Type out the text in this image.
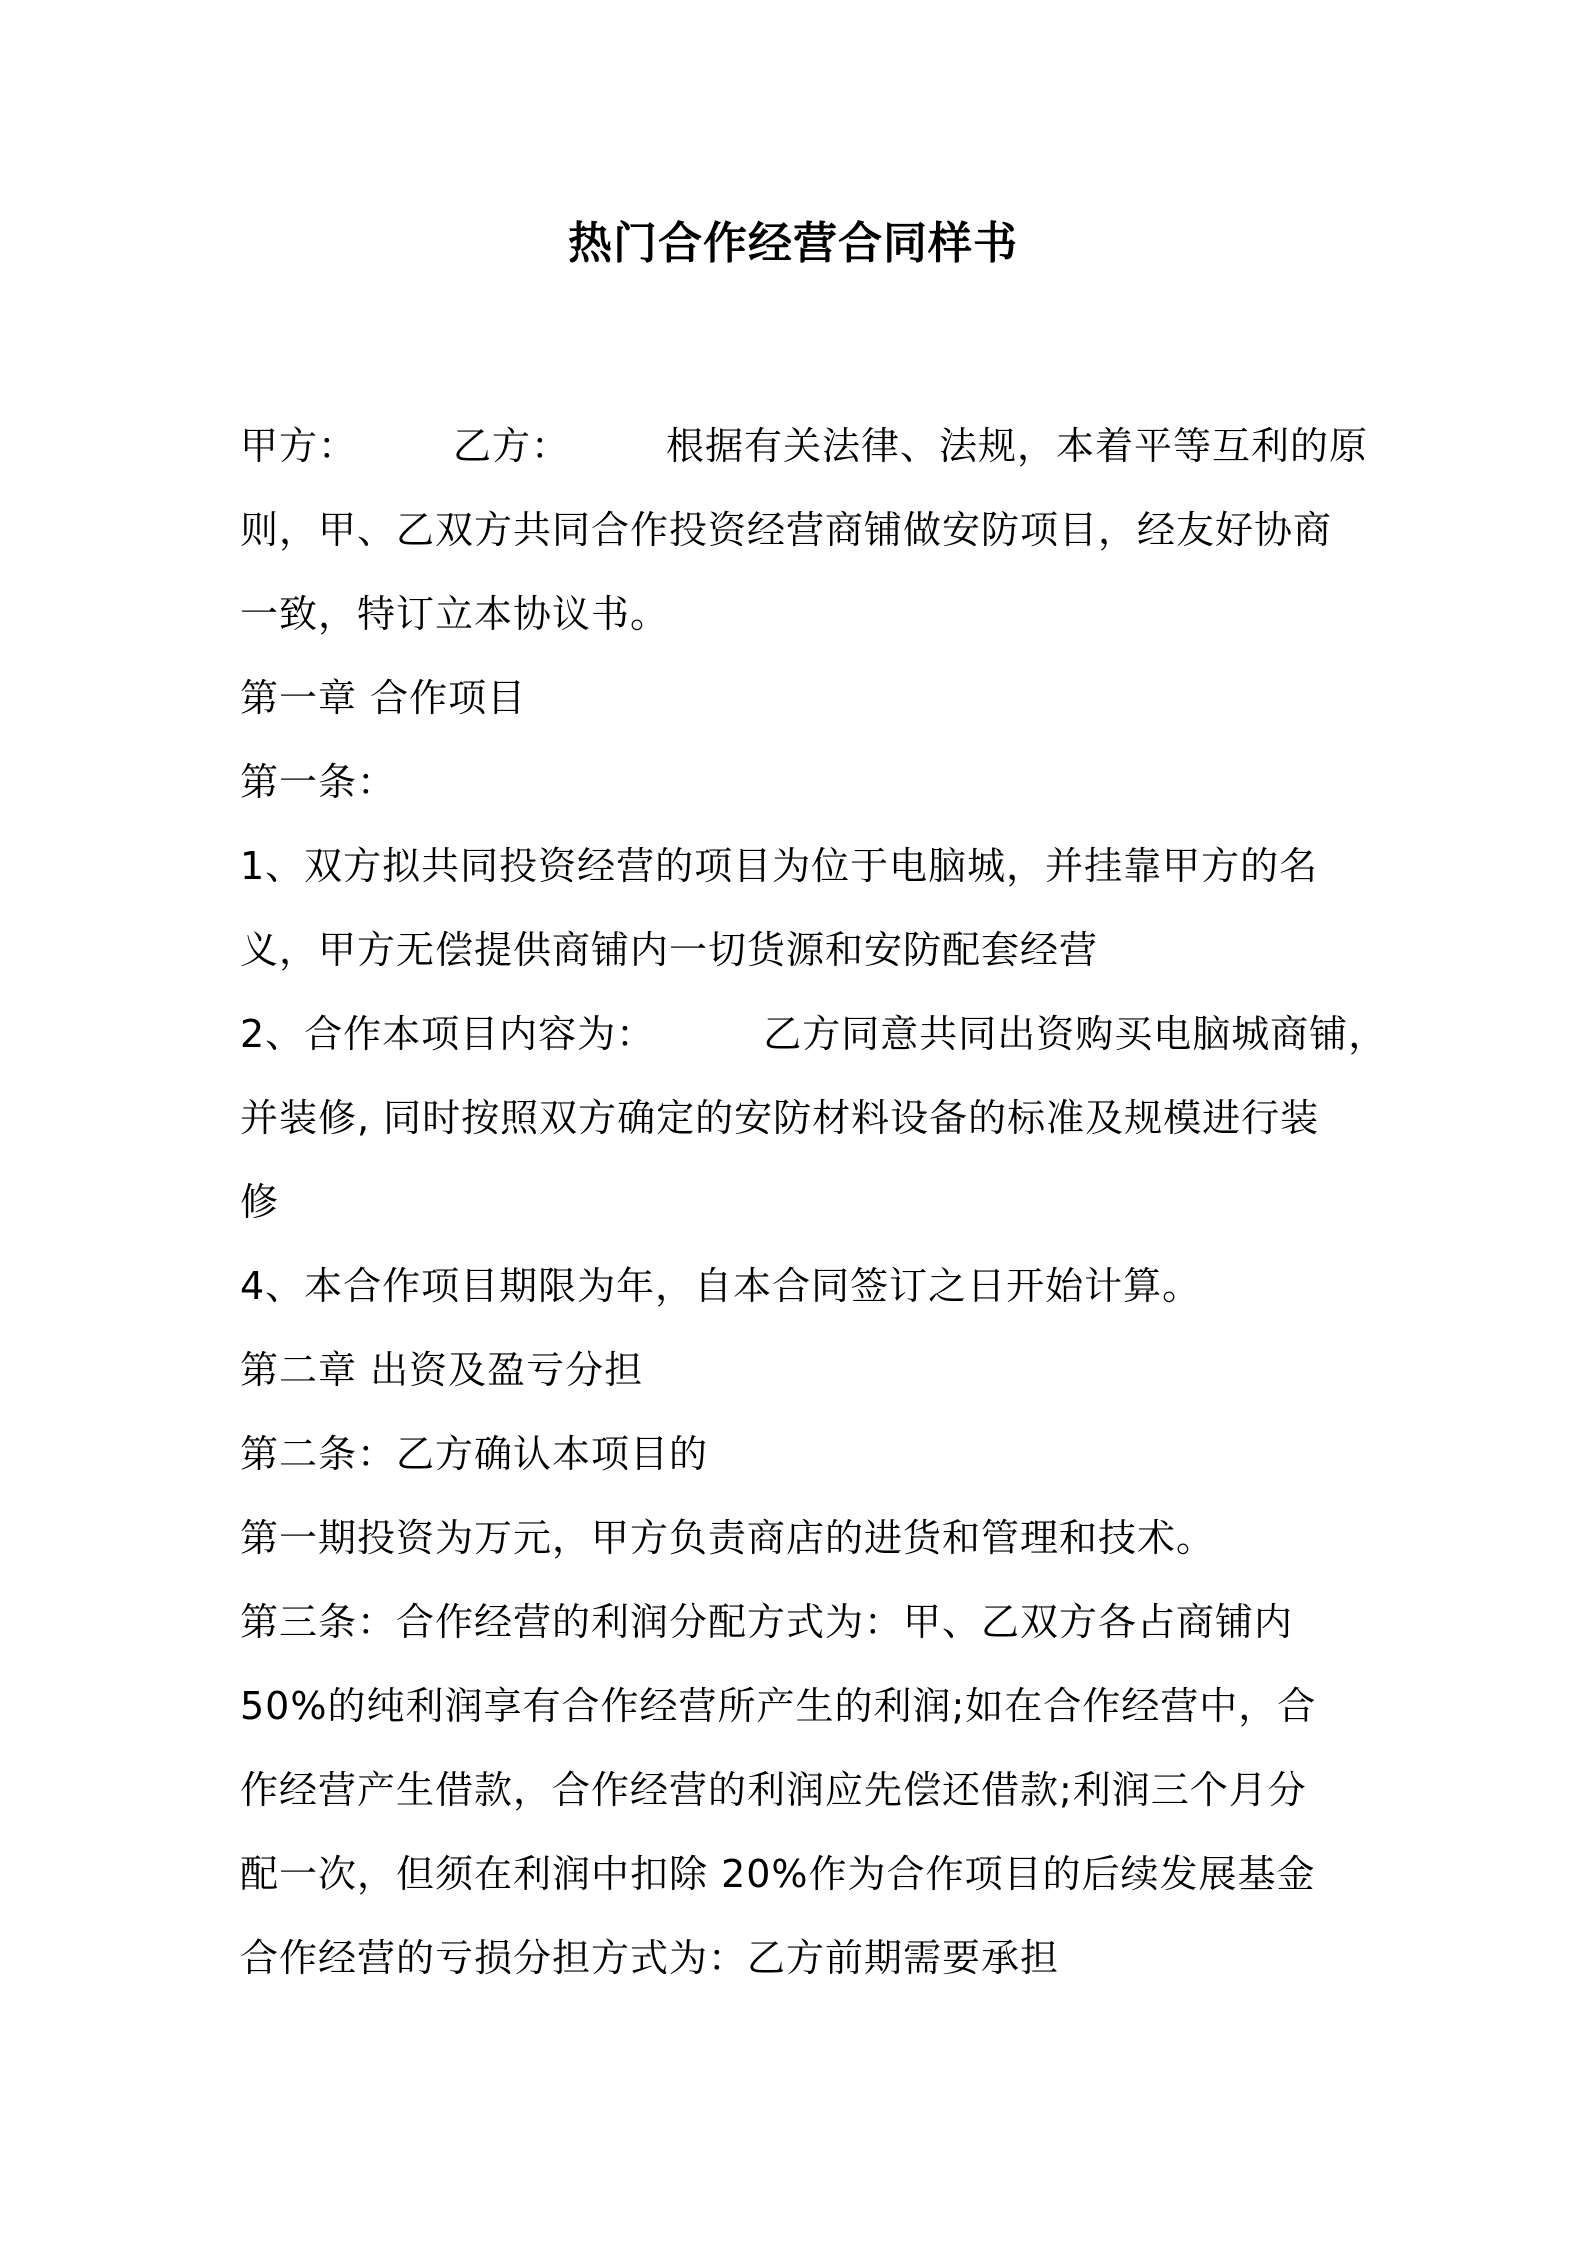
热门合作经营合同样书

甲方：	乙方：	根据有关法律、法规，本着平等互利的原

则，甲、乙双方共同合作投资经营商铺做安防项目，经友好协商

一致，特订立本协议书。

第一章 合作项目

第一条：

1、双方拟共同投资经营的项目为位于电脑城，并挂靠甲方的名

义，甲方无偿提供商铺内一切货源和安防配套经营

2、合作本项目内容为：	乙方同意共同出资购买电脑城商铺，

并装修, 同时按照双方确定的安防材料设备的标准及规模进行装

修

4、本合作项目期限为年，自本合同签订之日开始计算。

第二章 出资及盈亏分担

第二条：乙方确认本项目的

第一期投资为万元，甲方负责商店的进货和管理和技术。

第三条：合作经营的利润分配方式为：甲、乙双方各占商铺内

50%的纯利润享有合作经营所产生的利润;如在合作经营中，合

作经营产生借款，合作经营的利润应先偿还借款;利润三个月分

配一次，但须在利润中扣除 20%作为合作项目的后续发展基金

合作经营的亏损分担方式为：乙方前期需要承担
